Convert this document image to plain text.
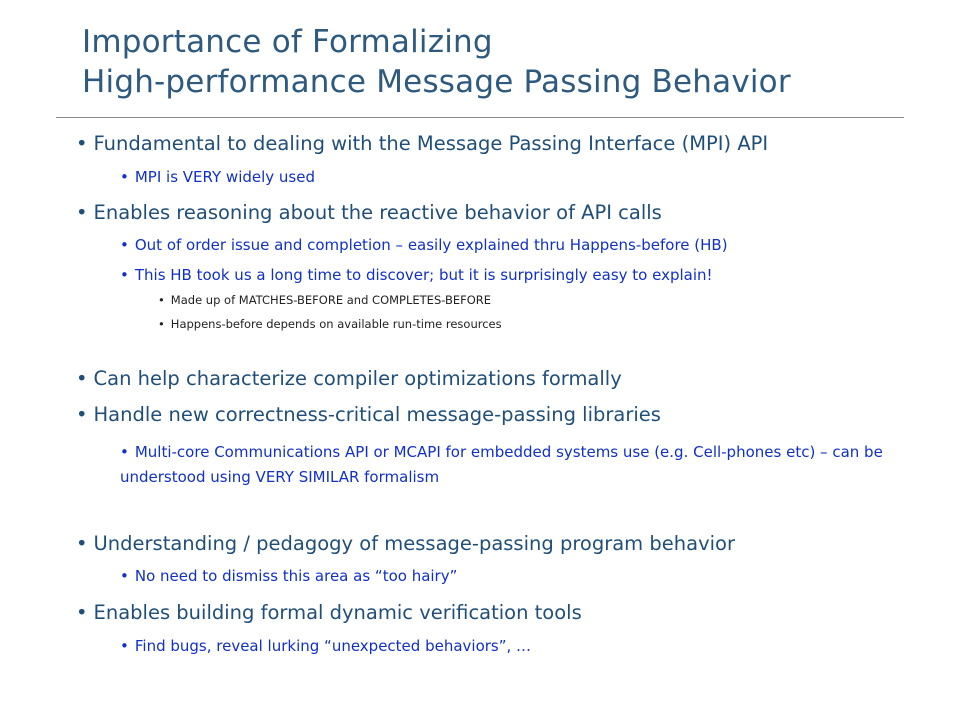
Importance of Formalizing
High-performance Message Passing Behavior
• Fundamental to dealing with the Message Passing Interface (MPI) API
• MPI is VERY widely used
• Enables reasoning about the reactive behavior of API calls
• Out of order issue and completion – easily explained thru Happens-before (HB)
• This HB took us a long time to discover; but it is surprisingly easy to explain!
• Made up of MATCHES-BEFORE and COMPLETES-BEFORE
• Happens-before depends on available run-time resources
• Can help characterize compiler optimizations formally
• Handle new correctness-critical message-passing libraries
• Multi-core Communications API or MCAPI for embedded systems use (e.g. Cell-phones etc) – can be understood using VERY SIMILAR formalism
• Understanding / pedagogy of message-passing program behavior
• No need to dismiss this area as “too hairy”
• Enables building formal dynamic verification tools
• Find bugs, reveal lurking “unexpected behaviors”, …
